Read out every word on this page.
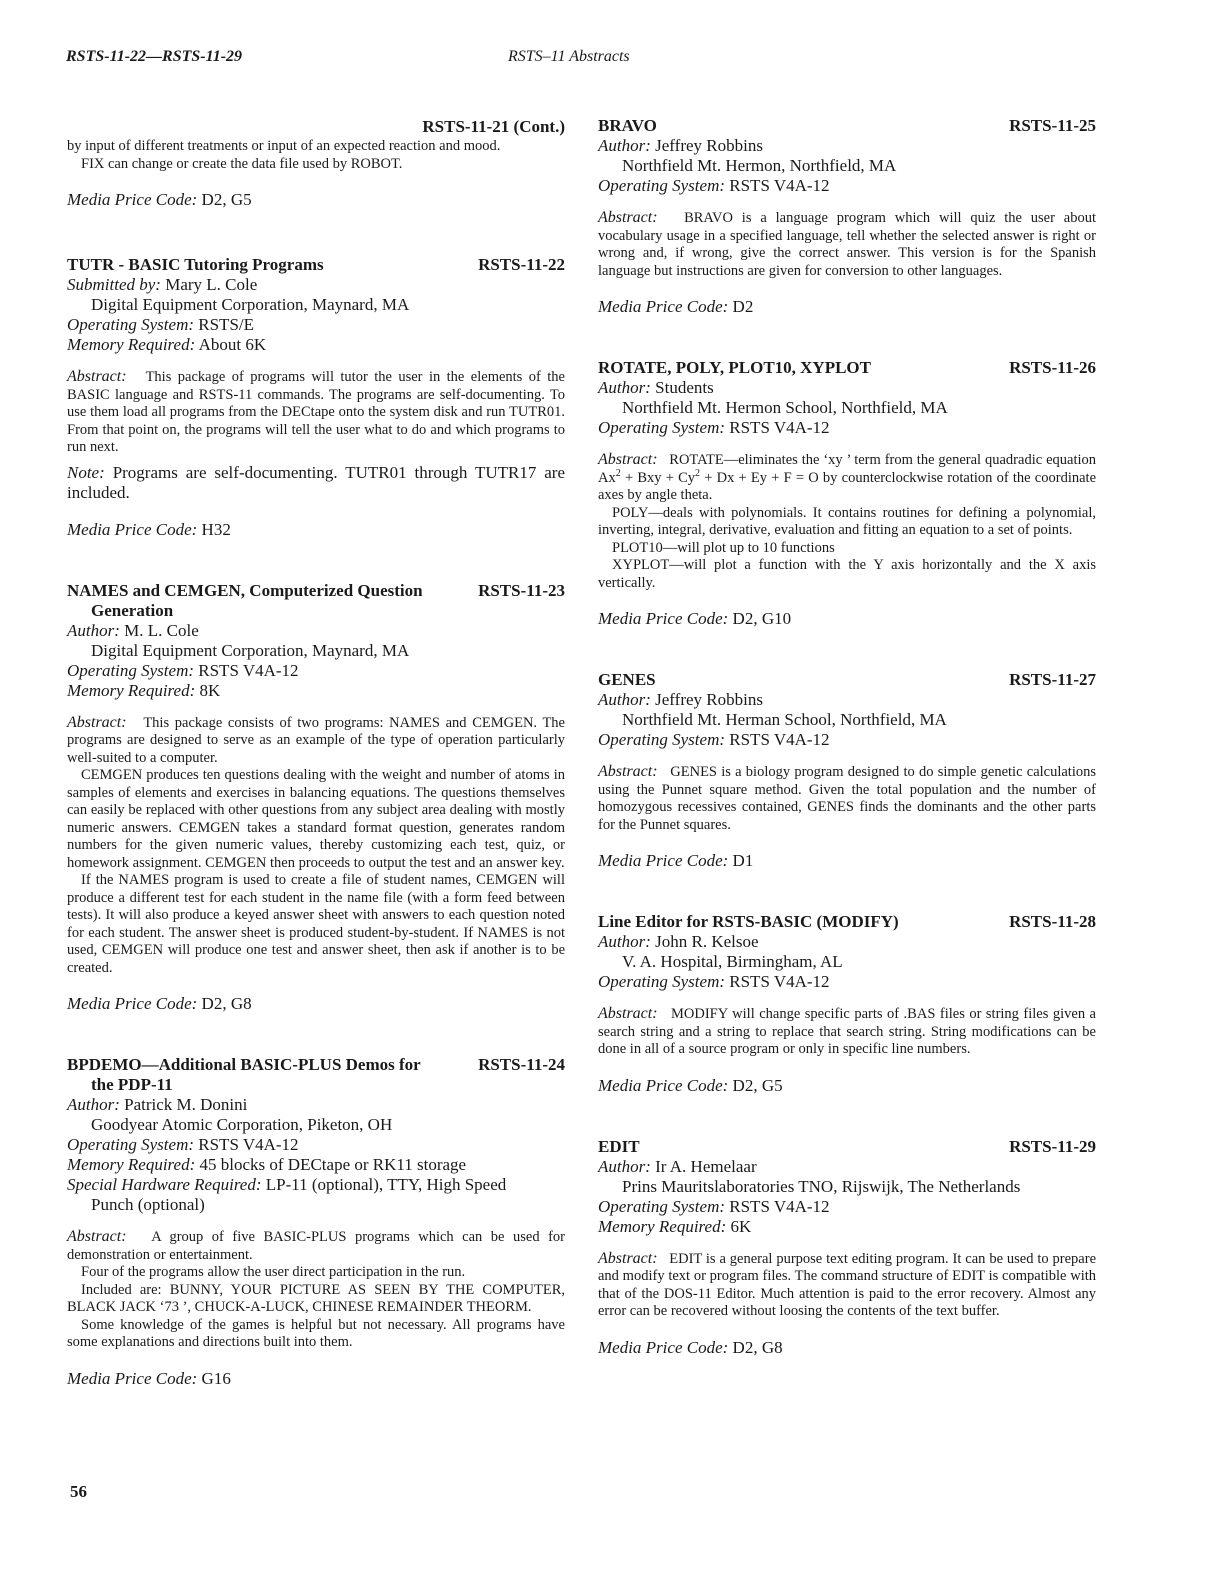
RSTS-11-22—RSTS-11-29	RSTS–11 Abstracts
RSTS-11-21 (Cont.)

by input of different treatments or input of an expected reaction and mood.

FIX can change or create the data file used by ROBOT.

Media Price Code: D2, G5
TUTR - BASIC Tutoring Programs	RSTS-11-22
Submitted by: Mary L. Cole
Digital Equipment Corporation, Maynard, MA
Operating System: RSTS/E
Memory Required: About 6K

Abstract: This package of programs will tutor the user in the elements of the BASIC language and RSTS-11 commands. The programs are self-documenting. To use them load all programs from the DECtape onto the system disk and run TUTR01. From that point on, the programs will tell the user what to do and which programs to run next.

Note: Programs are self-documenting. TUTR01 through TUTR17 are included.
Media Price Code: H32
NAMES and CEMGEN, Computerized Question
Generation
RSTS-11-23
Author: M. L. Cole
Digital Equipment Corporation, Maynard, MA
Operating System: RSTS V4A-12
Memory Required: 8K

Abstract: This package consists of two programs: NAMES and CEMGEN. The programs are designed to serve as an example of the type of operation particularly well-suited to a computer.

CEMGEN produces ten questions dealing with the weight and number of atoms in samples of elements and exercises in balancing equations. The questions themselves can easily be replaced with other questions from any subject area dealing with mostly numeric answers. CEMGEN takes a standard format question, generates random numbers for the given numeric values, thereby customizing each test, quiz, or homework assignment. CEMGEN then proceeds to output the test and an answer key.

If the NAMES program is used to create a file of student names, CEMGEN will produce a different test for each student in the name file (with a form feed between tests). It will also produce a keyed answer sheet with answers to each question noted for each student. The answer sheet is produced student-by-student. If NAMES is not used, CEMGEN will produce one test and answer sheet, then ask if another is to be created.

Media Price Code: D2, G8
BPDEMO—Additional BASIC-PLUS Demos for
the PDP-11
RSTS-11-24
Author: Patrick M. Donini
Goodyear Atomic Corporation, Piketon, OH
Operating System: RSTS V4A-12
Memory Required: 45 blocks of DECtape or RK11 storage
Special Hardware Required: LP-11 (optional), TTY, High Speed
Punch (optional)

Abstract: A group of five BASIC-PLUS programs which can be used for demonstration or entertainment.

Four of the programs allow the user direct participation in the run.

Included are: BUNNY, YOUR PICTURE AS SEEN BY THE COMPUTER, BLACK JACK ‘73 ’, CHUCK-A-LUCK, CHINESE REMAINDER THEORM.

Some knowledge of the games is helpful but not necessary. All programs have some explanations and directions built into them.

Media Price Code: G16
BRAVO	RSTS-11-25
Author: Jeffrey Robbins
Northfield Mt. Hermon, Northfield, MA
Operating System: RSTS V4A-12

Abstract: BRAVO is a language program which will quiz the user about vocabulary usage in a specified language, tell whether the selected answer is right or wrong and, if wrong, give the correct answer. This version is for the Spanish language but instructions are given for conversion to other languages.

Media Price Code: D2
ROTATE, POLY, PLOT10, XYPLOT	RSTS-11-26
Author: Students
Northfield Mt. Hermon School, Northfield, MA
Operating System: RSTS V4A-12

Abstract: ROTATE—eliminates the ‘xy ’ term from the general quadradic equation $Ax^2$ + Bxy + $Cy^2 + Dx + Ey + F = O$ by counterclockwise rotation of the coordinate axes by angle theta.

POLY—deals with polynomials. It contains routines for defining a polynomial, inverting, integral, derivative, evaluation and fitting an equation to a set of points.

PLOT10—will plot up to 10 functions

XYPLOT—will plot a function with the Y axis horizontally and the X axis vertically.

Media Price Code: D2, G10
GENES	RSTS-11-27
Author: Jeffrey Robbins
Northfield Mt. Herman School, Northfield, MA
Operating System: RSTS V4A-12

Abstract: GENES is a biology program designed to do simple genetic calculations using the Punnet square method. Given the total population and the number of homozygous recessives contained, GENES finds the dominants and the other parts for the Punnet squares.

Media Price Code: D1
Line Editor for RSTS-BASIC (MODIFY)	RSTS-11-28
Author: John R. Kelsoe
V. A. Hospital, Birmingham, AL
Operating System: RSTS V4A-12

Abstract: MODIFY will change specific parts of .BAS files or string files given a search string and a string to replace that search string. String modifications can be done in all of a source program or only in specific line numbers.

Media Price Code: D2, G5
EDIT	RSTS-11-29
Author: Ir A. Hemelaar
Prins Mauritslaboratories TNO, Rijswijk, The Netherlands
Operating System: RSTS V4A-12
Memory Required: 6K

Abstract: EDIT is a general purpose text editing program. It can be used to prepare and modify text or program files. The command structure of EDIT is compatible with that of the DOS-11 Editor. Much attention is paid to the error recovery. Almost any error can be recovered without loosing the contents of the text buffer.

Media Price Code: D2, G8
56
